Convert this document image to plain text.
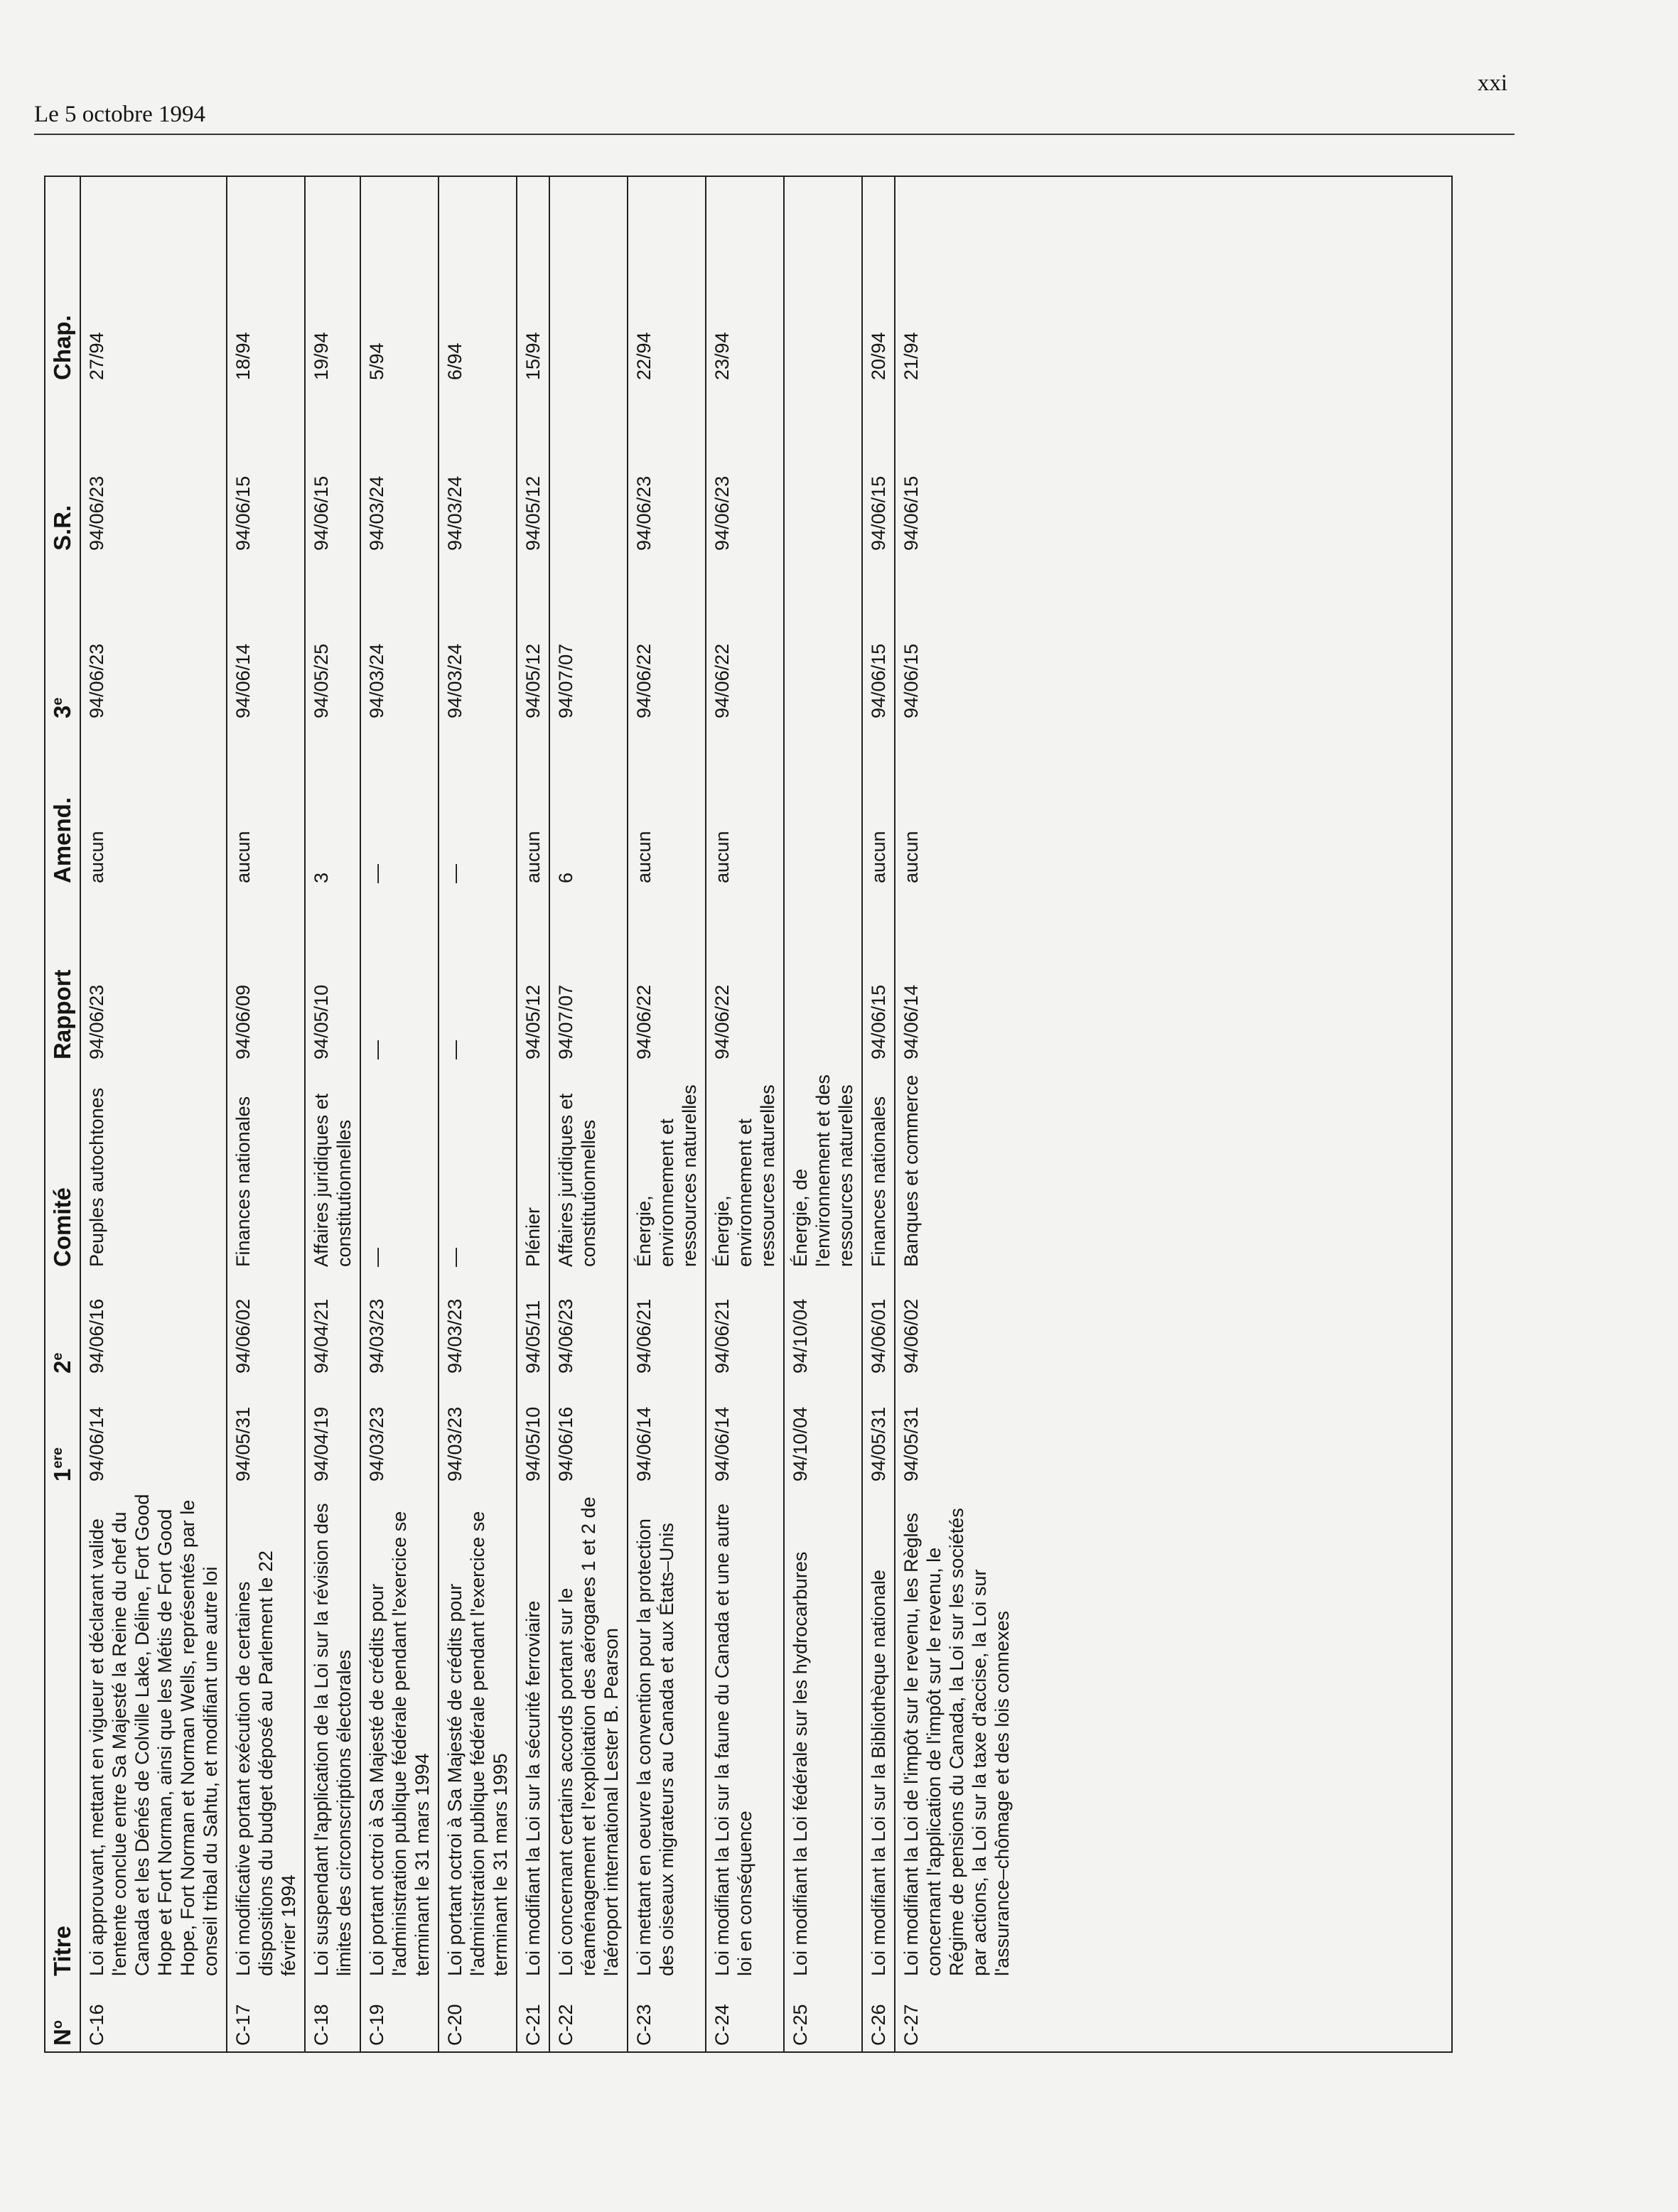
Le 5 octobre 1994
xxi
$N^o$	Titre	1ere	2e	Comité	Rapport	Amend.	3e	S.R.	Chap.
C-16	Loi approuvant, mettant en vigueur et déclarant valide l'entente conclue entre Sa Majesté la Reine du chef du Canada et les Dénés de Colville Lake, Déline, Fort Good Hope et Fort Norman, ainsi que les Métis de Fort Good Hope, Fort Norman et Norman Wells, représentés par le conseil tribal du Sahtu, et modifiant une autre loi	94/06/14	94/06/16	Peuples autochtones	94/06/23	aucun	94/06/23	94/06/23	27/94
C-17	Loi modificative portant exécution de certaines dispositions du budget déposé au Parlement le 22 février 1994	94/05/31	94/06/02	Finances nationales	94/06/09	aucun	94/06/14	94/06/15	18/94
C-18	Loi suspendant l'application de la Loi sur la révision des limites des circonscriptions électorales	94/04/19	94/04/21	Affaires juridiques et constitutionnelles	94/05/10	3	94/05/25	94/06/15	19/94
C-19	Loi portant octroi à Sa Majesté de crédits pour l'administration publique fédérale pendant l'exercice se terminant le 31 mars 1994	94/03/23	94/03/23	—	—	—	94/03/24	94/03/24	5/94
C-20	Loi portant octroi à Sa Majesté de crédits pour l'administration publique fédérale pendant l'exercice se terminant le 31 mars 1995	94/03/23	94/03/23	—	—	—	94/03/24	94/03/24	6/94
C-21	Loi modifiant la Loi sur la sécurité ferroviaire	94/05/10	94/05/11	Plénier	94/05/12	aucun	94/05/12	94/05/12	15/94
C-22	Loi concernant certains accords portant sur le réaménagement et l'exploitation des aérogares 1 et 2 de l'aéroport international Lester B. Pearson	94/06/16	94/06/23	Affaires juridiques et constitutionnelles	94/07/07	6	94/07/07		
C-23	Loi mettant en oeuvre la convention pour la protection des oiseaux migrateurs au Canada et aux États–Unis	94/06/14	94/06/21	Énergie, environnement et ressources naturelles	94/06/22	aucun	94/06/22	94/06/23	22/94
C-24	Loi modifiant la Loi sur la faune du Canada et une autre loi en conséquence	94/06/14	94/06/21	Énergie, environnement et ressources naturelles	94/06/22	aucun	94/06/22	94/06/23	23/94
C-25	Loi modifiant la Loi fédérale sur les hydrocarbures	94/10/04	94/10/04	Énergie, de l'environnement et des ressources naturelles					
C-26	Loi modifiant la Loi sur la Bibliothèque nationale	94/05/31	94/06/01	Finances nationales	94/06/15	aucun	94/06/15	94/06/15	20/94
C-27	Loi modifiant la Loi de l'impôt sur le revenu, les Règles concernant l'application de l'impôt sur le revenu, le Régime de pensions du Canada, la Loi sur les sociétés par actions, la Loi sur la taxe d'accise, la Loi sur l'assurance–chômage et des lois connexes	94/05/31	94/06/02	Banques et commerce	94/06/14	aucun	94/06/15	94/06/15	21/94
